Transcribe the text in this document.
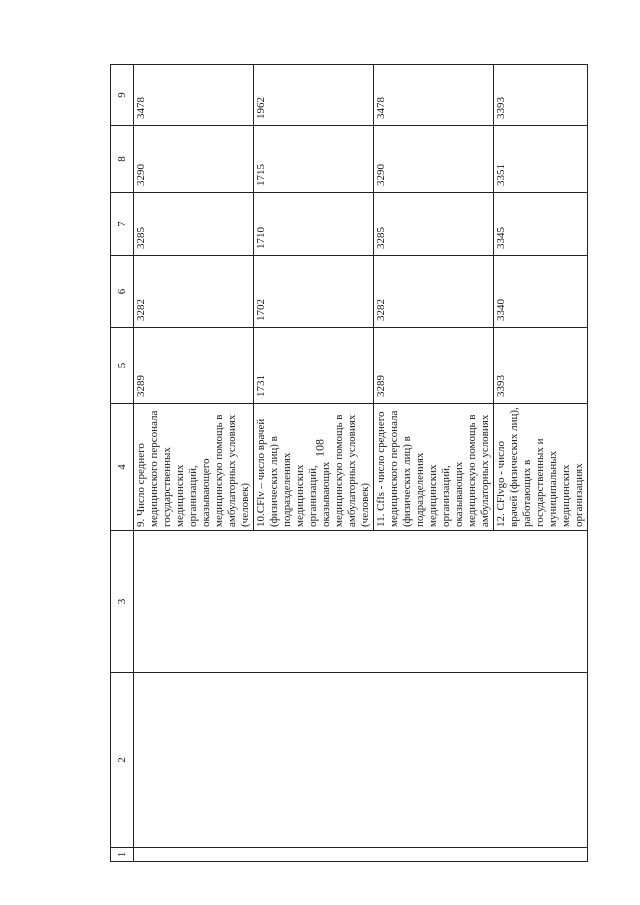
108
1	2	3	4	5	6	7	8	9
			9. Число среднего медицинского персонала государственных медицинских организаций, оказывающего медицинскую помощь в амбулаторных условиях (человек)	3289	3282	3285	3290	3478
			10.CFlv – число врачей (физических лиц) в подразделениях медицинских организаций, оказывающих медицинскую помощь в амбулаторных условиях (человек)	1731	1702	1710	1715	1962
			11. CfIs - число среднего медицинского персонала (физических лиц) в подразделениях медицинских организаций, оказывающих медицинскую помощь в амбулаторных условиях	3289	3282	3285	3290	3478
			12. CFlvgo - число врачей (физических лиц), работающих в государственных и муниципальных медицинских организациях	3393	3340	3345	3351	3393
